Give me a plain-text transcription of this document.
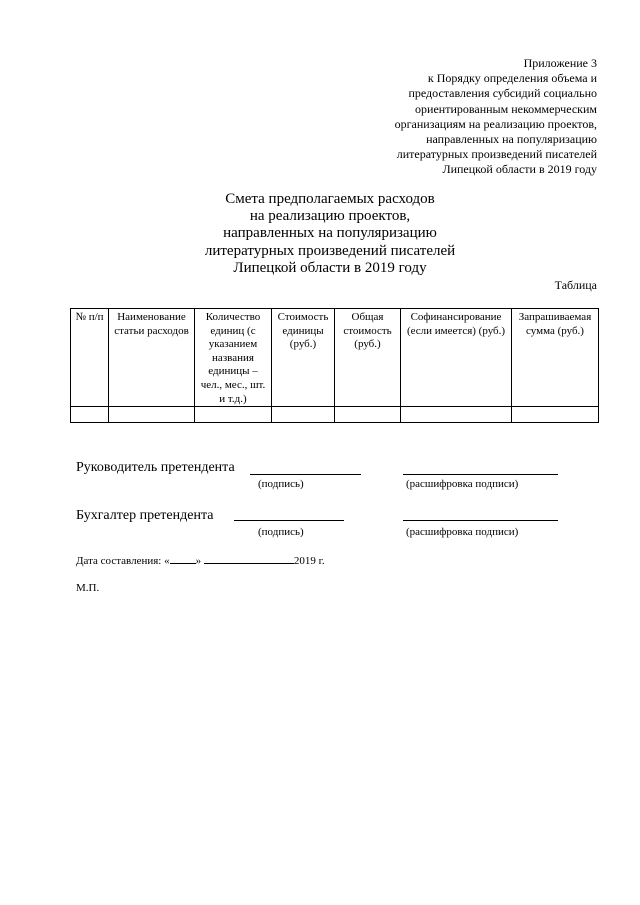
Приложение 3
к Порядку определения объема и
предоставления субсидий социально
ориентированным некоммерческим
организациям на реализацию проектов,
направленных на популяризацию
литературных произведений писателей
Липецкой области в 2019 году
Смета предполагаемых расходов
на реализацию проектов,
направленных на популяризацию
литературных произведений писателей
Липецкой области в 2019 году
Таблица
№ п/п	Наименование статьи расходов	Количество единиц (с указанием названия единицы – чел., мес., шт. и т.д.)	Стоимость единицы (руб.)	Общая стоимость (руб.)	Софинансирование (если имеется) (руб.)	Запрашиваемая сумма (руб.)

Руководитель претендента
(подпись)	(расшифровка подписи)
Бухгалтер претендента
(подпись)	(расшифровка подписи)
Дата составления: « »	2019 г.
М.П.
